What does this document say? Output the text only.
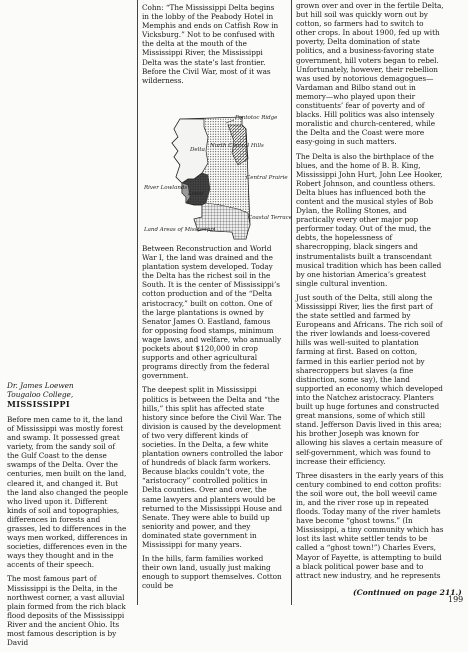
Dr. James Loewen
Tougaloo College, MISSISSIPPI

Before men came to it, the land of Mississippi was mostly forest and swamp. It possessed great variety, from the sandy soil of the Gulf Coast to the dense swamps of the Delta. Over the centuries, men built on the land, cleared it, and changed it. But the land also changed the people who lived upon it. Different kinds of soil and topographies, differences in forests and grasses, led to differences in the ways men worked, differences in societies, differences even in the ways they thought and in the accents of their speech.

The most famous part of Mississippi is the Delta, in the northwest corner, a vast alluvial plain formed from the rich black flood deposits of the Mississippi River and the ancient Ohio. Its most famous description is by David

Cohn: “The Mississippi Delta begins in the lobby of the Peabody Hotel in Memphis and ends on Catfish Row in Vicksburg.” Not to be confused with the delta at the mouth of the Mississippi River, the Mississippi Delta was the state’s last frontier. Before the Civil War, most of it was wilderness.

Pontotoc Ridge
Delta
North Central Hills
River Lowlands
Loess
Central Prairie
Coastal Terrace
Land Areas of Mississippi

Between Reconstruction and World War I, the land was drained and the plantation system developed. Today the Delta has the richest soil in the South. It is the center of Mississippi’s cotton production and of the “Delta aristocracy,” built on cotton. One of the large plantations is owned by Senator James O. Eastland, famous for opposing food stamps, minimum wage laws, and welfare, who annually pockets about $120,000 in crop supports and other agricultural programs directly from the federal government.

The deepest split in Mississippi politics is between the Delta and “the hills,” this split has affected state history since before the Civil War. The division is caused by the development of two very different kinds of societies. In the Delta, a few white plantation owners controlled the labor of hundreds of black farm workers. Because blacks couldn’t vote, the “aristocracy” controlled politics in Delta counties. Over and over, the same lawyers and planters would be returned to the Mississippi House and Senate. They were able to build up seniority and power, and they dominated state government in Mississippi for many years.

In the hills, farm families worked their own land, usually just making enough to support themselves. Cotton could be

grown over and over in the fertile Delta, but hill soil was quickly worn out by cotton, so farmers had to switch to other crops. In about 1900, fed up with poverty, Delta domination of state politics, and a business-favoring state government, hill voters began to rebel. Unfortunately, however, their rebellion was used by notorious demagogues—Vardaman and Bilbo stand out in memory—who played upon their constituents’ fear of poverty and of blacks. Hill politics was also intensely moralistic and church-centered, while the Delta and the Coast were more easy-going in such matters.

The Delta is also the birthplace of the blues, and the home of B. B. King, Mississippi John Hurt, John Lee Hooker, Robert Johnson, and countless others. Delta blues has influenced both the content and the musical styles of Bob Dylan, the Rolling Stones, and practically every other major pop performer today. Out of the mud, the debts, the hopelessness of sharecropping, black singers and instrumentalists built a transcendant musical tradition which has been called by one historian America’s greatest single cultural invention.

Just south of the Delta, still along the Mississippi River, lies the first part of the state settled and farmed by Europeans and Africans. The rich soil of the river lowlands and loess-covered hills was well-suited to plantation farming at first. Based on cotton, farmed in this earlier period not by sharecroppers but slaves (a fine distinction, some say), the land supported an economy which developed into the Natchez aristocracy. Planters built up huge fortunes and constructed great mansions, some of which still stand. Jefferson Davis lived in this area; his brother Joseph was known for allowing his slaves a certain measure of self-government, which was found to increase their efficiency.

Three disasters in the early years of this century combined to end cotton profits: the soil wore out, the boll weevil came in, and the river rose up in repeated floods. Today many of the river hamlets have become “ghost towns.” (In Mississippi, a tiny community which has lost its last white settler tends to be called a “ghost town!”) Charles Evers, Mayor of Fayette, is attempting to build a black political power base and to attract new industry, and he represents

(Continued on page 211.)
199
